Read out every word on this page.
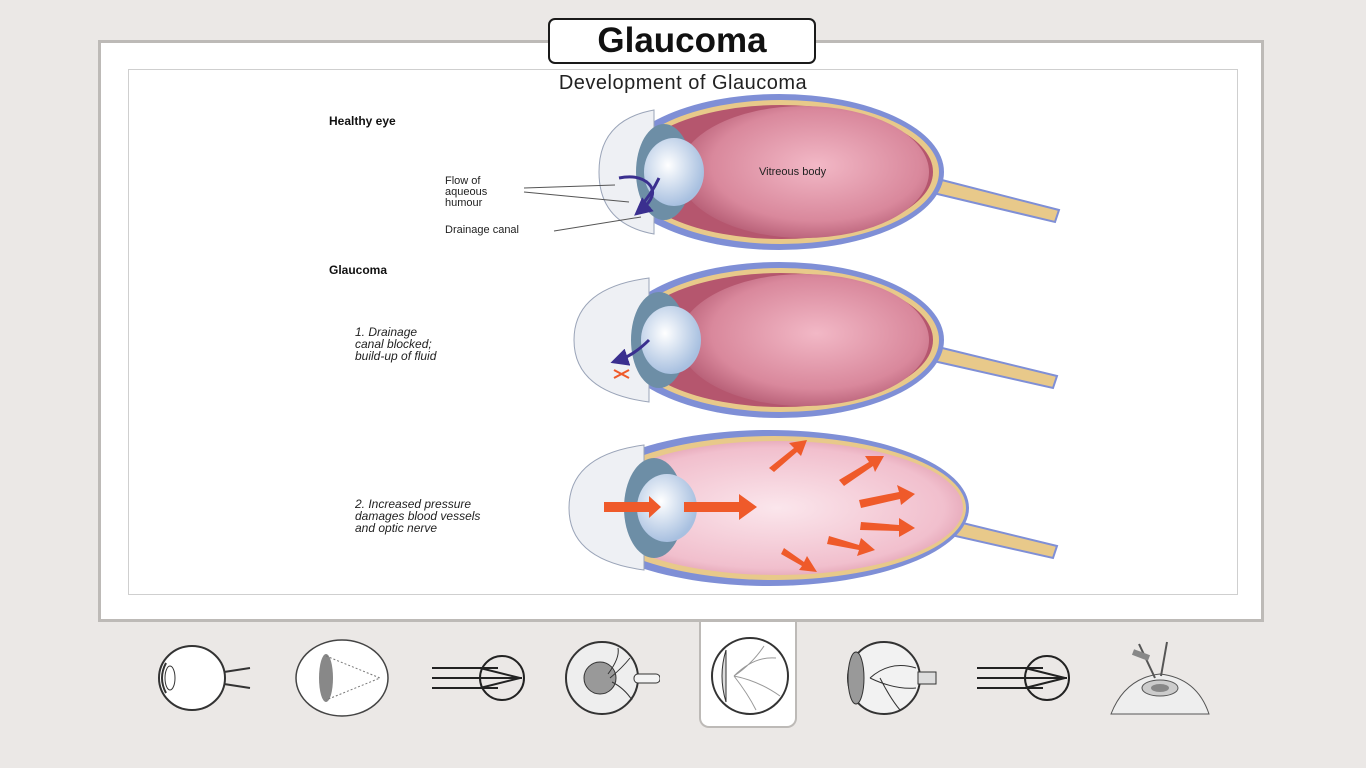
Glaucoma
Development of Glaucoma
Healthy eye
Glaucoma
Vitreous body
Flow of
aqueous
humour
Drainage canal
1. Drainage
canal blocked;
build-up of fluid
2. Increased pressure
damages blood vessels
and optic nerve
